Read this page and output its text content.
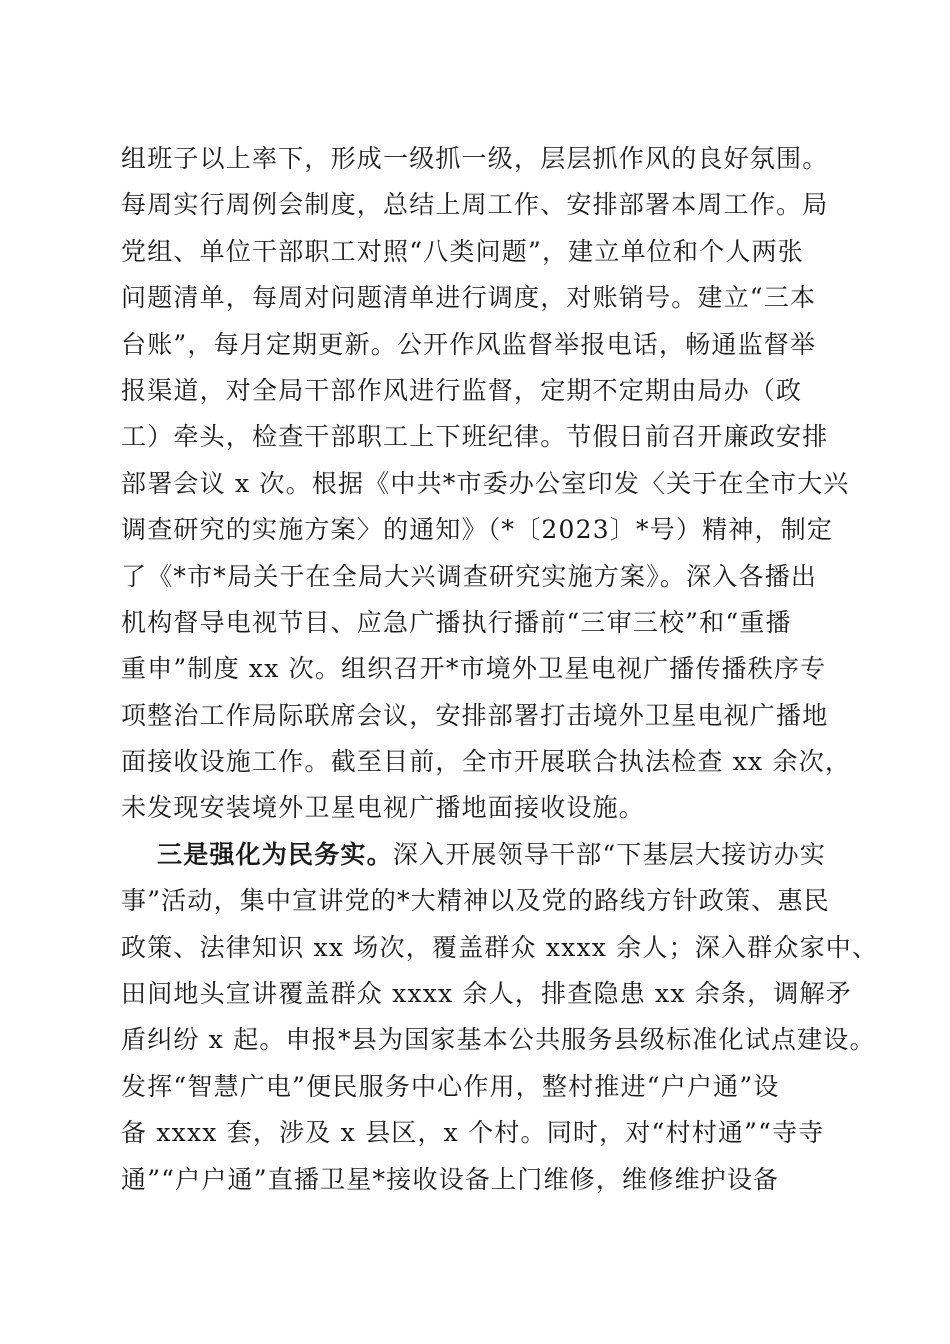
组班子以上率下，形成一级抓一级，层层抓作风的良好氛围。
每周实行周例会制度，总结上周工作、安排部署本周工作。局
党组、单位干部职工对照“八类问题”，建立单位和个人两张
问题清单，每周对问题清单进行调度，对账销号。建立“三本
台账”，每月定期更新。公开作风监督举报电话，畅通监督举
报渠道，对全局干部作风进行监督，定期不定期由局办（政
工）牵头，检查干部职工上下班纪律。节假日前召开廉政安排
部署会议 x 次。根据《中共*市委办公室印发〈关于在全市大兴
调查研究的实施方案〉的通知》（*〔2023〕*号）精神，制定
了《*市*局关于在全局大兴调查研究实施方案》。深入各播出
机构督导电视节目、应急广播执行播前“三审三校”和“重播
重申”制度 xx 次。组织召开*市境外卫星电视广播传播秩序专
项整治工作局际联席会议，安排部署打击境外卫星电视广播地
面接收设施工作。截至目前，全市开展联合执法检查 xx 余次，
未发现安装境外卫星电视广播地面接收设施。
三是强化为民务实。深入开展领导干部“下基层大接访办实
事”活动，集中宣讲党的*大精神以及党的路线方针政策、惠民
政策、法律知识 xx 场次，覆盖群众 xxxx 余人；深入群众家中、
田间地头宣讲覆盖群众 xxxx 余人，排查隐患 xx 余条，调解矛
盾纠纷 x 起。申报*县为国家基本公共服务县级标准化试点建设。
发挥“智慧广电”便民服务中心作用，整村推进“户户通”设
备 xxxx 套，涉及 x 县区，x 个村。同时，对“村村通”“寺寺
通”“户户通”直播卫星*接收设备上门维修，维修维护设备
